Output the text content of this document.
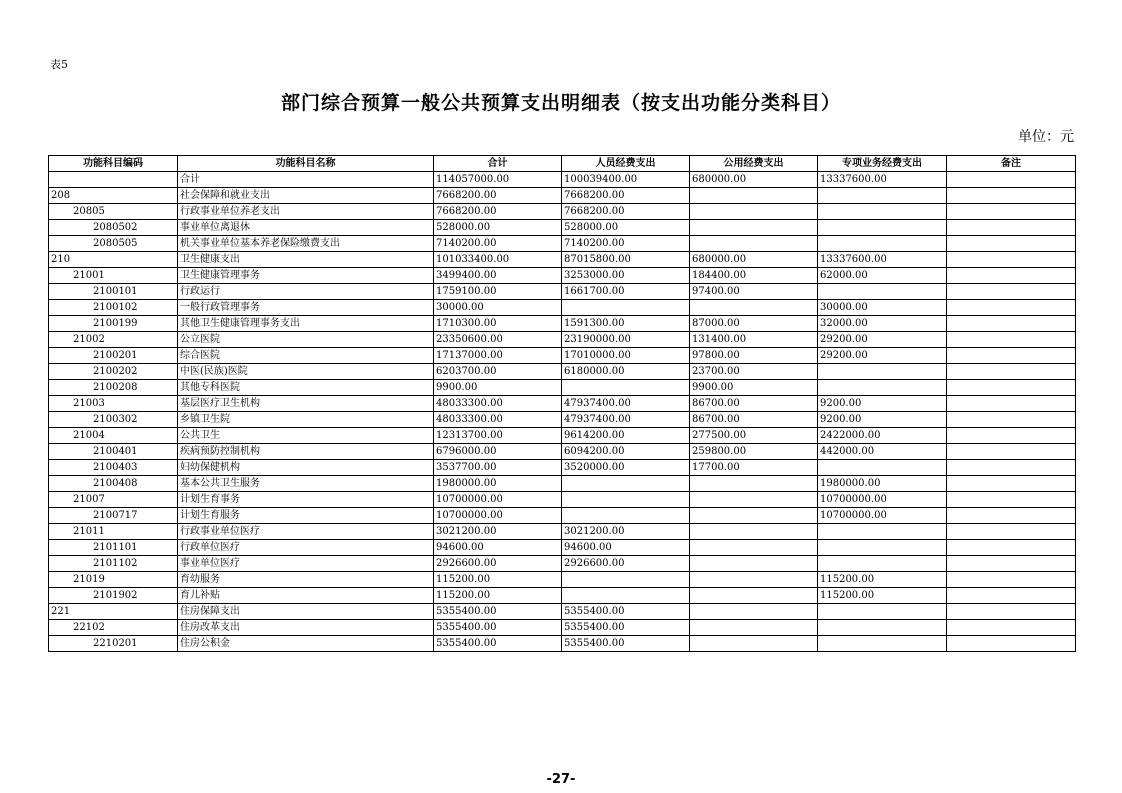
表5
部门综合预算一般公共预算支出明细表（按支出功能分类科目）
单位：元
功能科目编码	功能科目名称	合计	人员经费支出	公用经费支出	专项业务经费支出	备注
	合计	114057000.00	100039400.00	680000.00	13337600.00	
208	社会保障和就业支出	7668200.00	7668200.00			
20805	行政事业单位养老支出	7668200.00	7668200.00			
2080502	事业单位离退休	528000.00	528000.00			
2080505	机关事业单位基本养老保险缴费支出	7140200.00	7140200.00			
210	卫生健康支出	101033400.00	87015800.00	680000.00	13337600.00	
21001	卫生健康管理事务	3499400.00	3253000.00	184400.00	62000.00	
2100101	行政运行	1759100.00	1661700.00	97400.00		
2100102	一般行政管理事务	30000.00			30000.00	
2100199	其他卫生健康管理事务支出	1710300.00	1591300.00	87000.00	32000.00	
21002	公立医院	23350600.00	23190000.00	131400.00	29200.00	
2100201	综合医院	17137000.00	17010000.00	97800.00	29200.00	
2100202	中医(民族)医院	6203700.00	6180000.00	23700.00		
2100208	其他专科医院	9900.00		9900.00		
21003	基层医疗卫生机构	48033300.00	47937400.00	86700.00	9200.00	
2100302	乡镇卫生院	48033300.00	47937400.00	86700.00	9200.00	
21004	公共卫生	12313700.00	9614200.00	277500.00	2422000.00	
2100401	疾病预防控制机构	6796000.00	6094200.00	259800.00	442000.00	
2100403	妇幼保健机构	3537700.00	3520000.00	17700.00		
2100408	基本公共卫生服务	1980000.00			1980000.00	
21007	计划生育事务	10700000.00			10700000.00	
2100717	计划生育服务	10700000.00			10700000.00	
21011	行政事业单位医疗	3021200.00	3021200.00			
2101101	行政单位医疗	94600.00	94600.00			
2101102	事业单位医疗	2926600.00	2926600.00			
21019	育幼服务	115200.00			115200.00	
2101902	育儿补贴	115200.00			115200.00	
221	住房保障支出	5355400.00	5355400.00			
22102	住房改革支出	5355400.00	5355400.00			
2210201	住房公积金	5355400.00	5355400.00			
-27-
